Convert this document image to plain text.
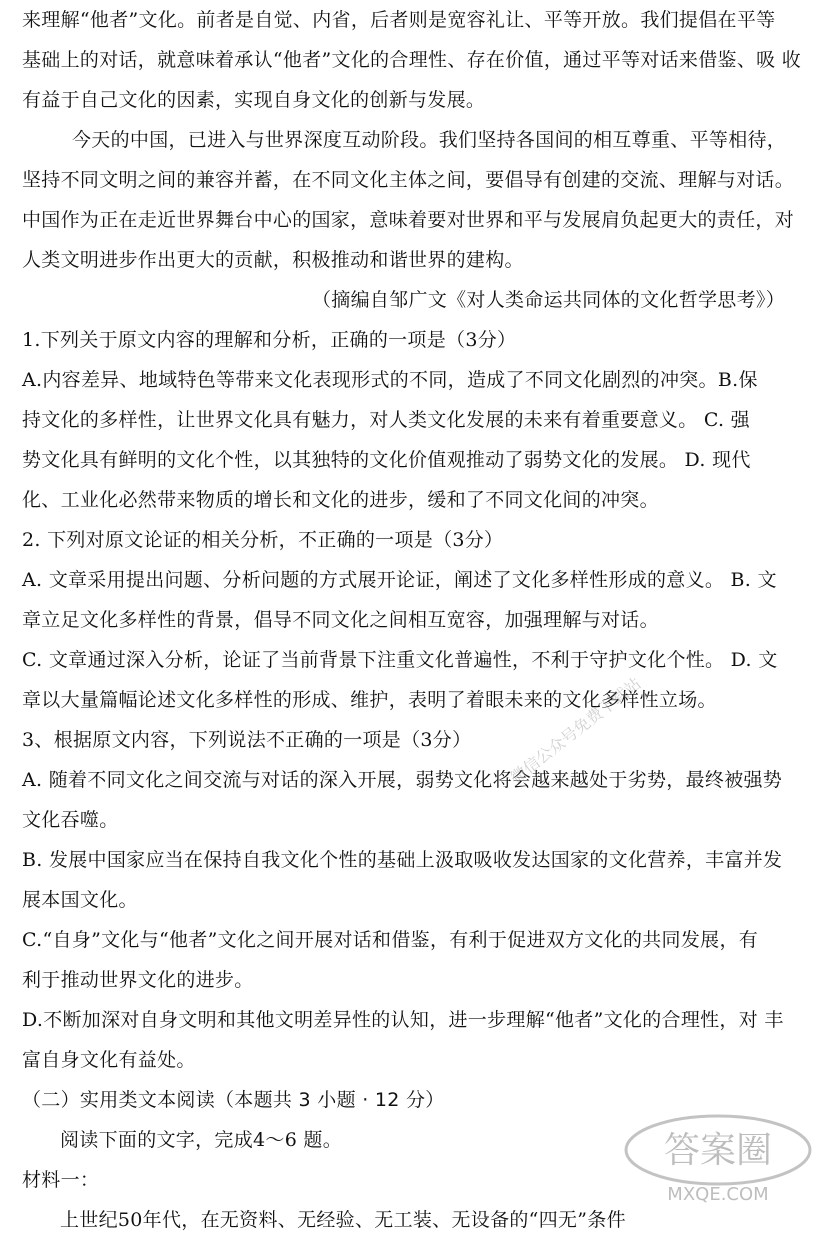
来理解“他者”文化。前者是自觉、内省，后者则是宽容礼让、平等开放。我们提倡在平等
基础上的对话，就意味着承认“他者”文化的合理性、存在价值，通过平等对话来借鉴、吸 收
有益于自己文化的因素，实现自身文化的创新与发展。
今天的中国，已进入与世界深度互动阶段。我们坚持各国间的相互尊重、平等相待，
坚持不同文明之间的兼容并蓄，在不同文化主体之间，要倡导有创建的交流、理解与对话。
中国作为正在走近世界舞台中心的国家，意味着要对世界和平与发展肩负起更大的责任，对
人类文明进步作出更大的贡献，积极推动和谐世界的建构。
（摘编自邹广文《对人类命运共同体的文化哲学思考》）
1.下列关于原文内容的理解和分析，正确的一项是（3分）
A.内容差异、地域特色等带来文化表现形式的不同，造成了不同文化剧烈的冲突。B.保
持文化的多样性，让世界文化具有魅力，对人类文化发展的未来有着重要意义。 C. 强
势文化具有鲜明的文化个性，以其独特的文化价值观推动了弱势文化的发展。 D. 现代
化、工业化必然带来物质的增长和文化的进步，缓和了不同文化间的冲突。
2. 下列对原文论证的相关分析，不正确的一项是（3分）
A. 文章采用提出问题、分析问题的方式展开论证，阐述了文化多样性形成的意义。 B. 文
章立足文化多样性的背景，倡导不同文化之间相互宽容，加强理解与对话。
C. 文章通过深入分析，论证了当前背景下注重文化普遍性，不利于守护文化个性。 D. 文
章以大量篇幅论述文化多样性的形成、维护，表明了着眼未来的文化多样性立场。
3、根据原文内容，下列说法不正确的一项是（3分）
A. 随着不同文化之间交流与对话的深入开展，弱势文化将会越来越处于劣势，最终被强势
文化吞噬。
B. 发展中国家应当在保持自我文化个性的基础上汲取吸收发达国家的文化营养，丰富并发
展本国文化。
C.“自身”文化与“他者”文化之间开展对话和借鉴，有利于促进双方文化的共同发展，有
利于推动世界文化的进步。
D.不断加深对自身文明和其他文明差异性的认知，进一步理解“他者”文化的合理性，对 丰
富自身文化有益处。
（二）实用类文本阅读（本题共 3 小题 · 12 分）
阅读下面的文字，完成4～6 题。
材料一：
上世纪50年代，在无资料、无经验、无工装、无设备的“四无”条件
微信公众号免费下载站
答案圈
MXQE.COM
